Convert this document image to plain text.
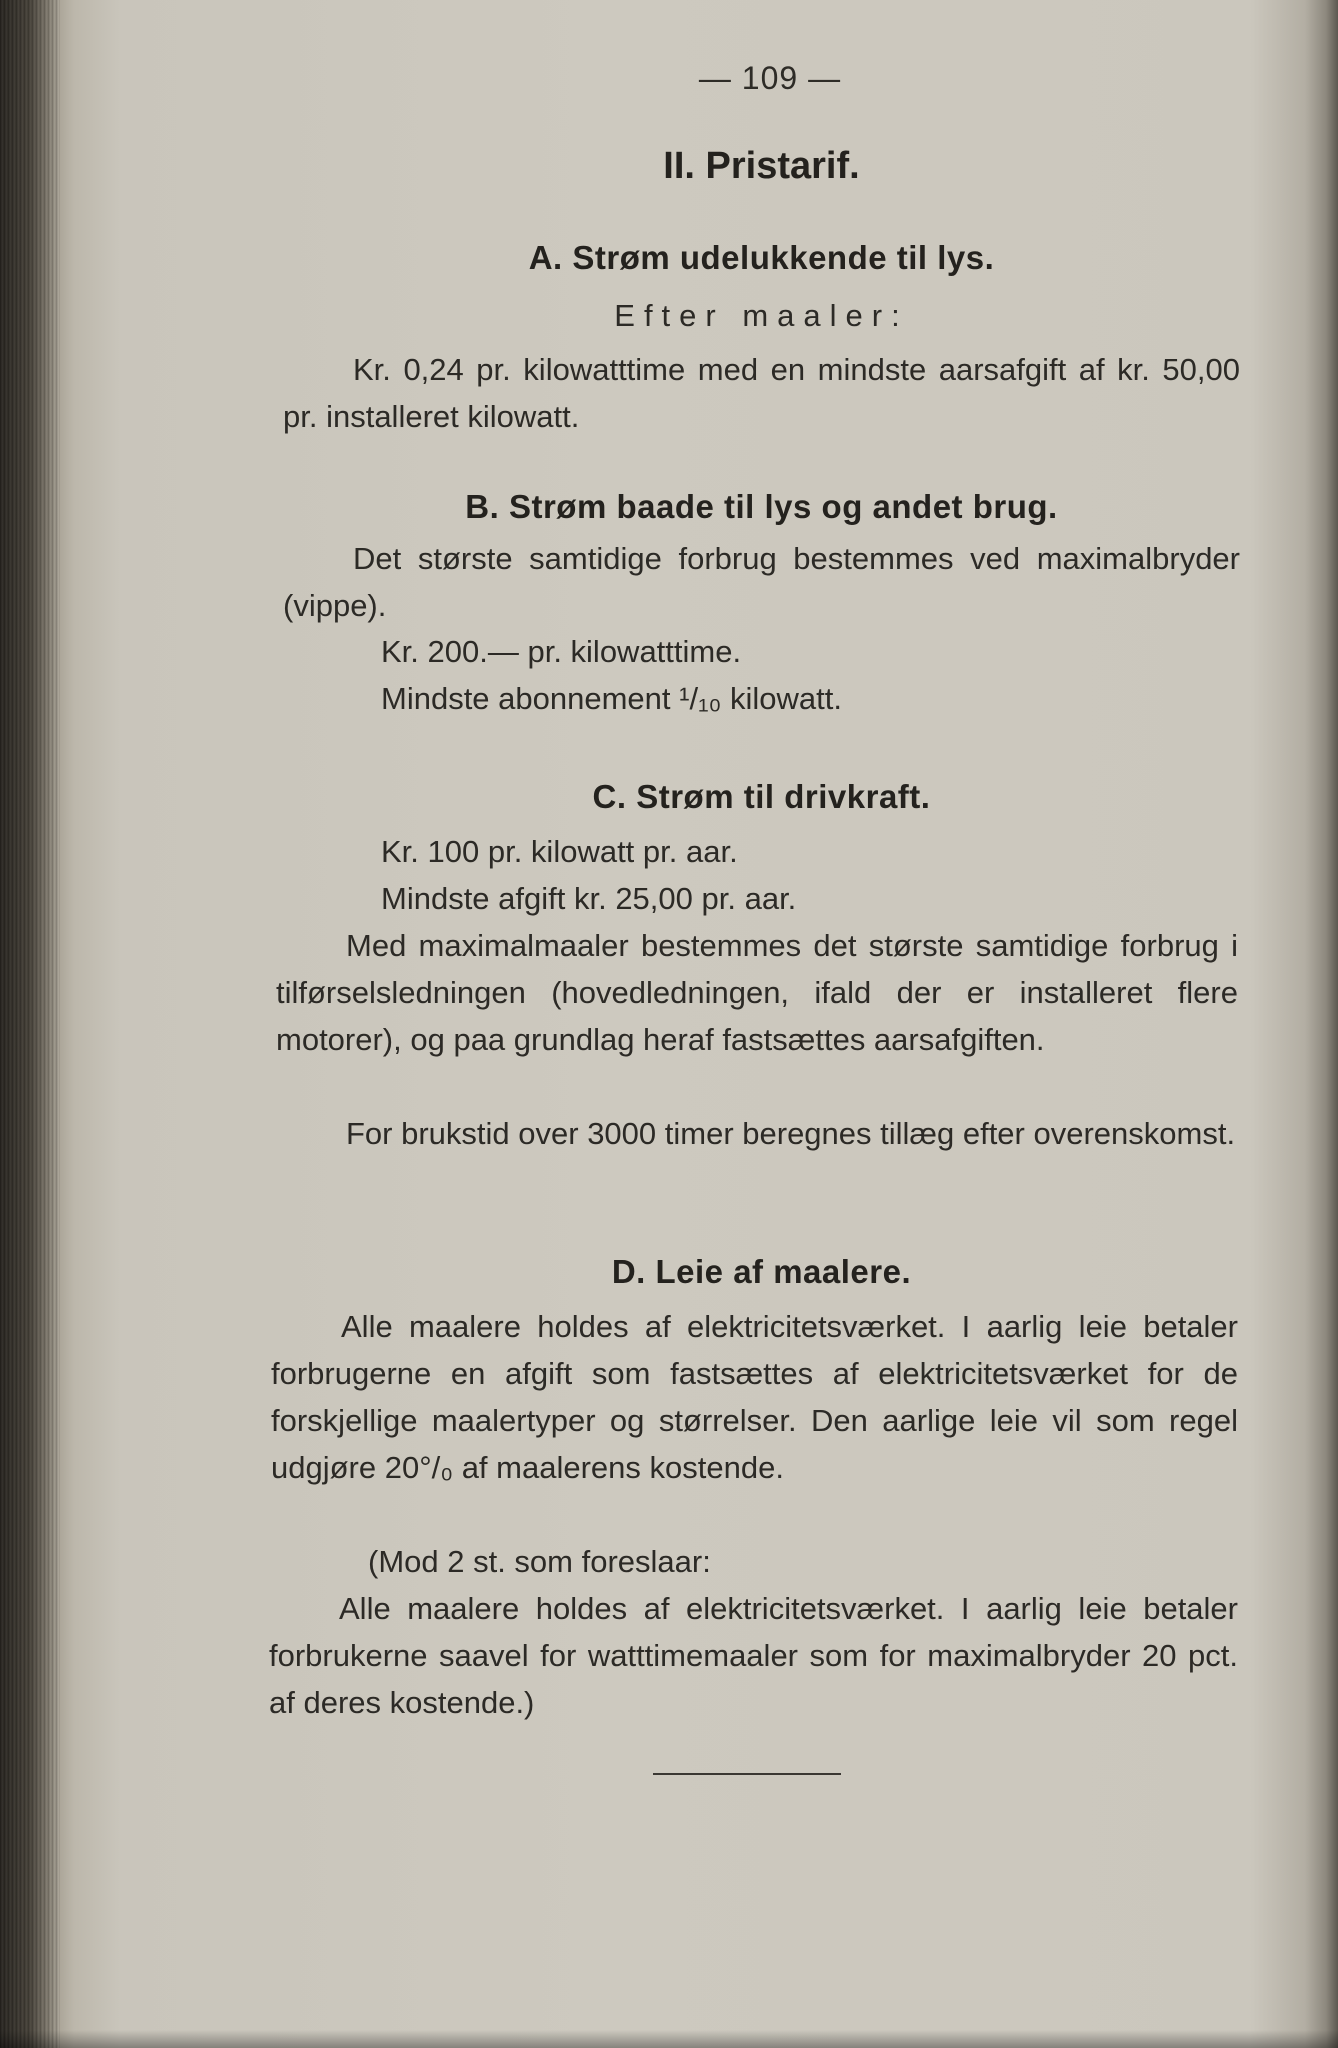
— 109 —
II. Pristarif.
A. Strøm udelukkende til lys.
Efter maaler:
Kr. 0,24 pr. kilowatttime med en mindste aarsafgift af kr. 50,00 pr. installeret kilowatt.
B. Strøm baade til lys og andet brug.
Det største samtidige forbrug bestemmes ved maximalbryder (vippe).
Kr. 200.— pr. kilowatttime.
Mindste abonnement ¹/₁₀ kilowatt.
C. Strøm til drivkraft.
Kr. 100 pr. kilowatt pr. aar.
Mindste afgift kr. 25,00 pr. aar.
Med maximalmaaler bestemmes det største samtidige forbrug i tilførselsledningen (hovedledningen, ifald der er installeret flere motorer), og paa grundlag heraf fastsættes aarsafgiften.
For brukstid over 3000 timer beregnes tillæg efter overenskomst.
D. Leie af maalere.
Alle maalere holdes af elektricitetsværket. I aarlig leie betaler forbrugerne en afgift som fastsættes af elektricitetsværket for de forskjellige maalertyper og størrelser. Den aarlige leie vil som regel udgjøre 20°/₀ af maalerens kostende.
(Mod 2 st. som foreslaar:
Alle maalere holdes af elektricitetsværket. I aarlig leie betaler forbrukerne saavel for watttimemaaler som for maximalbryder 20 pct. af deres kostende.)
